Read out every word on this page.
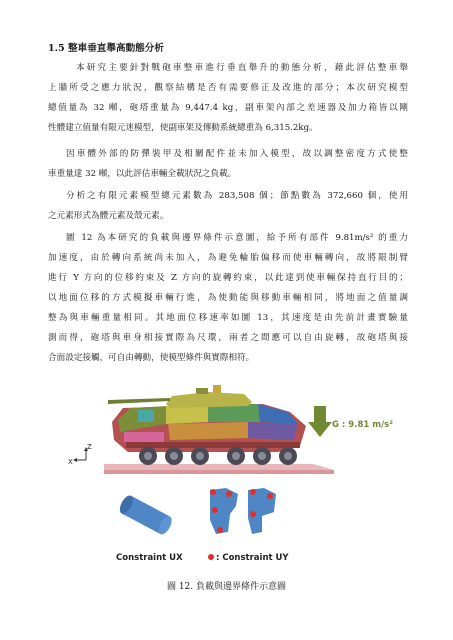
1.5 整車垂直舉高動態分析
本研究主要針對戰砲車整車進行垂直舉升的動態分析，藉此評估整車舉
上牆所受之應力狀況，觀察結構是否有需要修正及改進的部分；本次研究模型
總值量為 32 噸，砲塔重量為 9,447.4 kg，副車架內部之差速器及加力箱皆以剛
性體建立值量有限元迷模型，使副車架及傳動系統總重為 6,315.2kg。
因車體外部的防彈裝甲及相關配件並未加入模型，故以調整密度方式使整
車重量達 32 噸，以此評估車輛全載狀況之負載。
分析之有限元素模型總元素數為 283,508 個；節點數為 372,660 個，使用
之元素形式為體元素及殼元素。
圖 12 為本研究的負載與邊界條件示意圖，給予所有部件 9.81m/s² 的重力
加速度，由於轉向系統尚未加入，為避免輪胎偏移而使車輛轉向，故將限制臂
進行 Y 方向的位移約束及 Z 方向的旋轉約束，以此達到使車輛保持直行目的；
以地面位移的方式模擬車輛行進，為使動能與移動車輛相同，將地面之值量調
整為與車輛重量相同。其地面位移速率如圖 13，其速度是由先前計畫實驗量
測而得，砲塔與車身相接實際為尺環，兩者之間應可以自由旋轉，故砲塔與接
合面設定接觸，可自由轉動，使模型條件與實際相符。
Z
X
G : 9.81 m/s²
Constraint UX	: Constraint UY
圖 12. 負載與邊界條件示意圖
